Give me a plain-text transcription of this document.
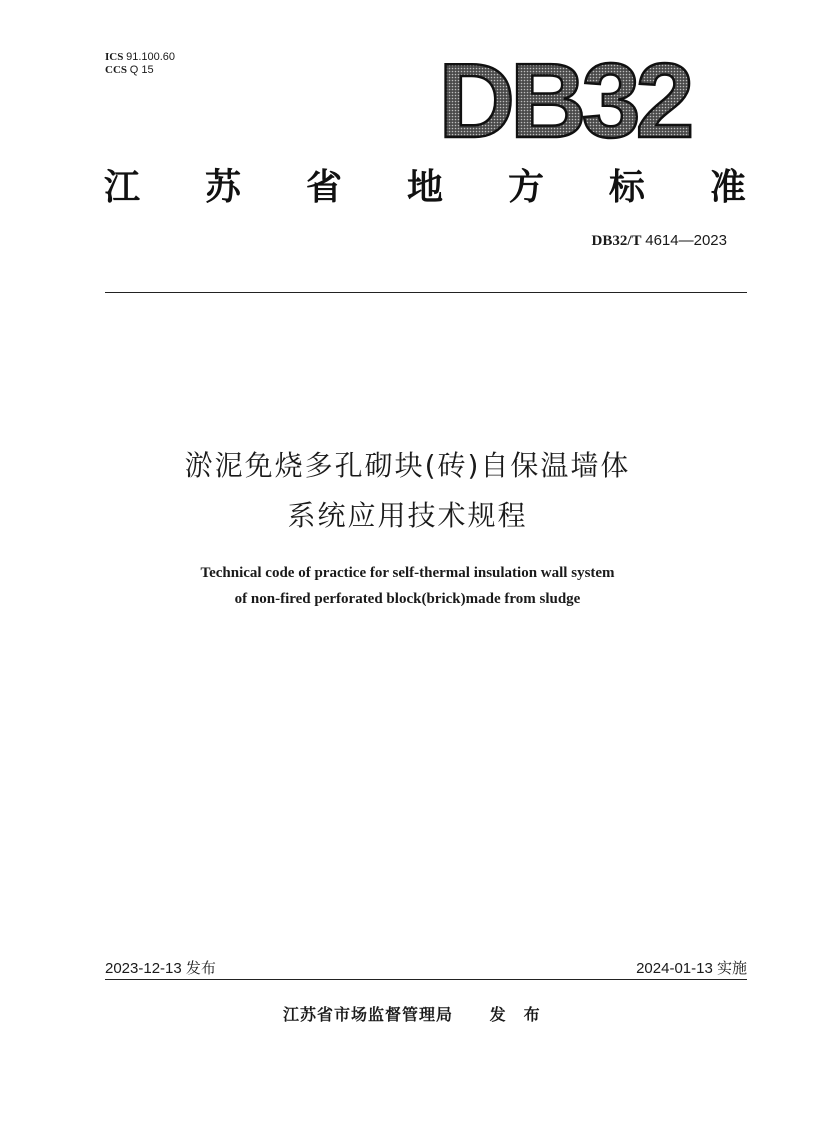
ICS 91.100.60
CCS Q 15	DB32
江 苏 省 地 方 标 准
DB32/T 4614—2023
淤泥免烧多孔砌块(砖)自保温墙体
系统应用技术规程
Technical code of practice for self-thermal insulation wall system
of non-fired perforated block(brick)made from sludge
2023-12-13 发布	2024-01-13 实施
江苏省市场监督管理局 发布
